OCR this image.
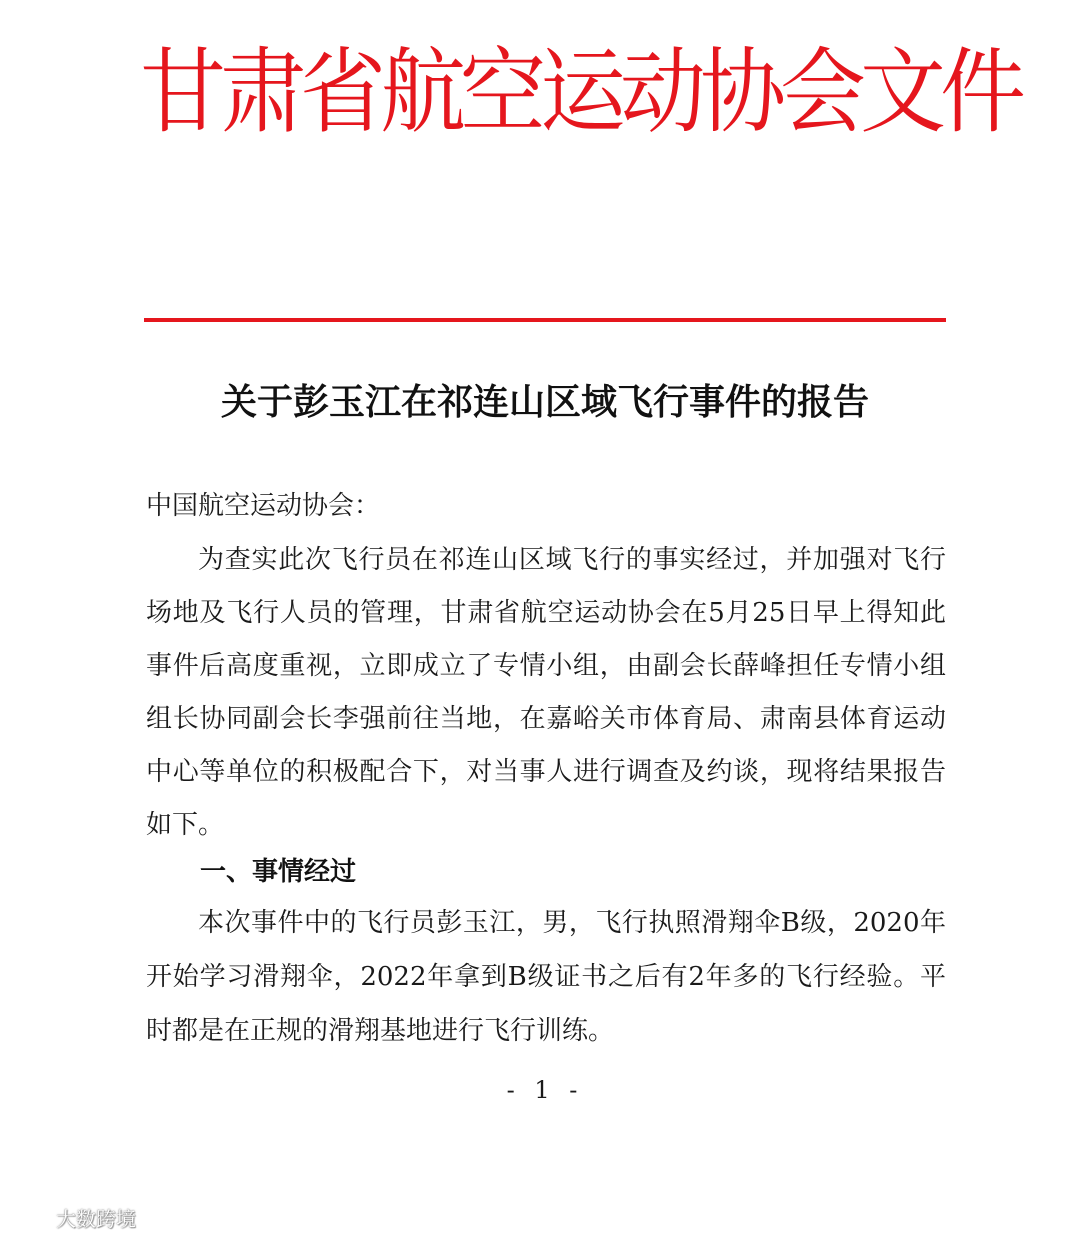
甘肃省航空运动协会文件
关于彭玉江在祁连山区域飞行事件的报告
中国航空运动协会：
为查实此次飞行员在祁连山区域飞行的事实经过，并加强对飞行场地及飞行人员的管理，甘肃省航空运动协会在5月25日早上得知此事件后高度重视，立即成立了专情小组，由副会长薛峰担任专情小组组长协同副会长李强前往当地，在嘉峪关市体育局、肃南县体育运动中心等单位的积极配合下，对当事人进行调查及约谈，现将结果报告如下。
一、事情经过
本次事件中的飞行员彭玉江，男，飞行执照滑翔伞B级，2020年开始学习滑翔伞，2022年拿到B级证书之后有2年多的飞行经验。平时都是在正规的滑翔基地进行飞行训练。
- 1 -
大数跨境
